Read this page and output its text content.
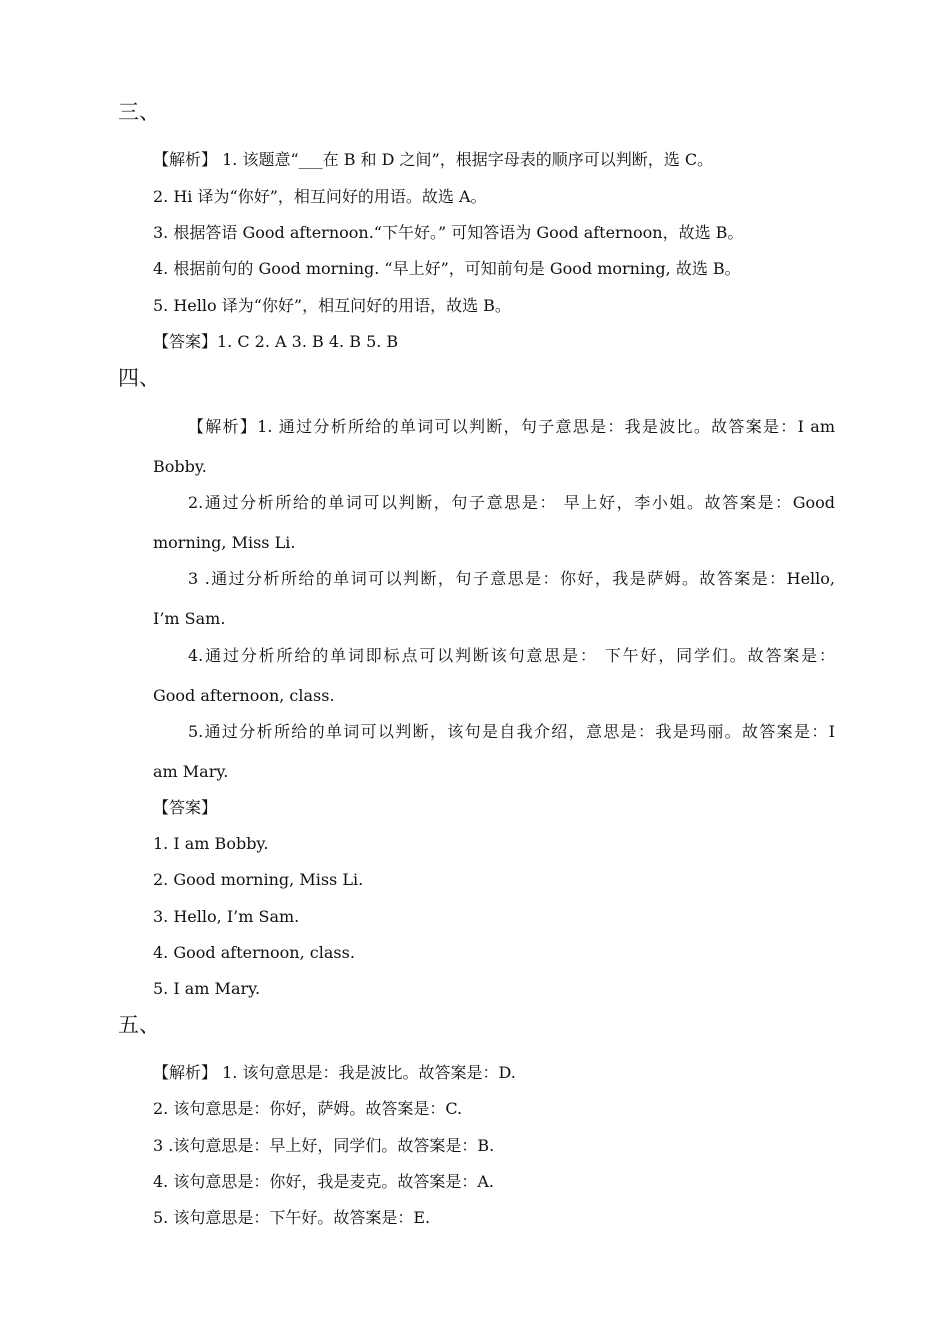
三、
【解析】 1. 该题意“___在 B 和 D 之间”，根据字母表的顺序可以判断，选 C。
2. Hi 译为“你好”，相互问好的用语。故选 A。
3. 根据答语 Good afternoon.“下午好。” 可知答语为 Good afternoon，故选 B。
4. 根据前句的 Good morning. “早上好”，可知前句是 Good morning, 故选 B。
5. Hello 译为“你好”，相互问好的用语，故选 B。
【答案】1. C 2. A 3. B 4. B 5. B
四、
【解析】1. 通过分析所给的单词可以判断，句子意思是：我是波比。故答案是：I am
Bobby.
2.通过分析所给的单词可以判断，句子意思是： 早上好，李小姐。故答案是：Good
morning, Miss Li.
3 .通过分析所给的单词可以判断，句子意思是：你好，我是萨姆。故答案是：Hello,
I’m Sam.
4.通过分析所给的单词即标点可以判断该句意思是： 下午好，同学们。故答案是：
Good afternoon, class.
5.通过分析所给的单词可以判断，该句是自我介绍，意思是：我是玛丽。故答案是：I
am Mary.
【答案】
1. I am Bobby.
2. Good morning, Miss Li.
3. Hello, I’m Sam.
4. Good afternoon, class.
5. I am Mary.
五、
【解析】 1. 该句意思是：我是波比。故答案是：D.
2. 该句意思是：你好，萨姆。故答案是：C.
3 .该句意思是：早上好，同学们。故答案是：B.
4. 该句意思是：你好，我是麦克。故答案是：A.
5. 该句意思是：下午好。故答案是：E.
